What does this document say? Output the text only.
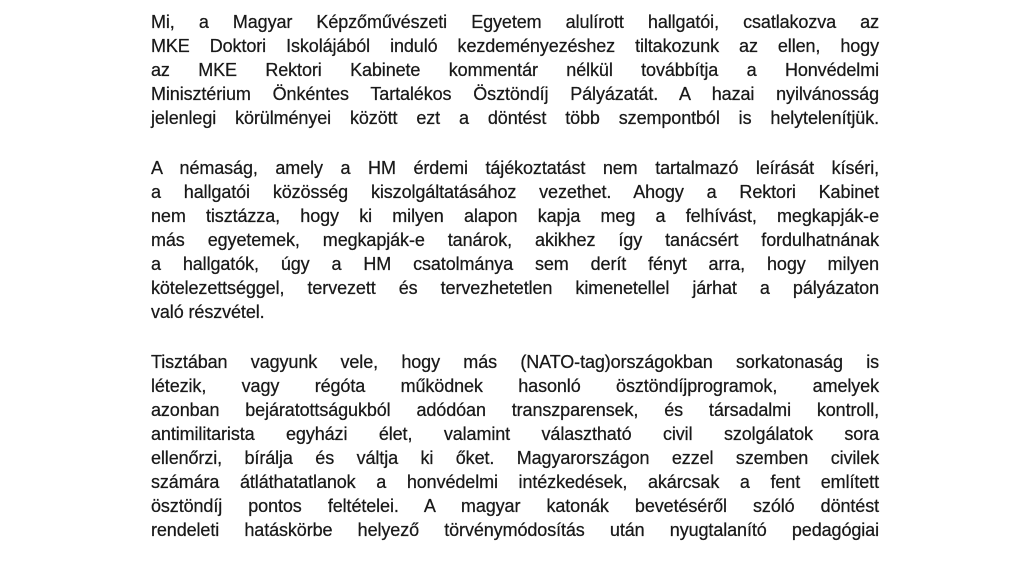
Mi, a Magyar Képzőművészeti Egyetem alulírott hallgatói, csatlakozva az
MKE Doktori Iskolájából induló kezdeményezéshez tiltakozunk az ellen, hogy
az MKE Rektori Kabinete kommentár nélkül továbbítja a Honvédelmi
Minisztérium Önkéntes Tartalékos Ösztöndíj Pályázatát. A hazai nyilvánosság
jelenlegi körülményei között ezt a döntést több szempontból is helytelenítjük.

A némaság, amely a HM érdemi tájékoztatást nem tartalmazó leírását kíséri,
a hallgatói közösség kiszolgáltatásához vezethet. Ahogy a Rektori Kabinet
nem tisztázza, hogy ki milyen alapon kapja meg a felhívást, megkapják-e
más egyetemek, megkapják-e tanárok, akikhez így tanácsért fordulhatnának
a hallgatók, úgy a HM csatolmánya sem derít fényt arra, hogy milyen
kötelezettséggel, tervezett és tervezhetetlen kimenetellel járhat a pályázaton
való részvétel.

Tisztában vagyunk vele, hogy más (NATO-tag)országokban sorkatonaság is
létezik, vagy régóta működnek hasonló ösztöndíjprogramok, amelyek
azonban bejáratottságukból adódóan transzparensek, és társadalmi kontroll,
antimilitarista egyházi élet, valamint választható civil szolgálatok sora
ellenőrzi, bírálja és váltja ki őket. Magyarországon ezzel szemben civilek
számára átláthatatlanok a honvédelmi intézkedések, akárcsak a fent említett
ösztöndíj pontos feltételei. A magyar katonák bevetéséről szóló döntést
rendeleti hatáskörbe helyező törvénymódosítás után nyugtalanító pedagógiai
